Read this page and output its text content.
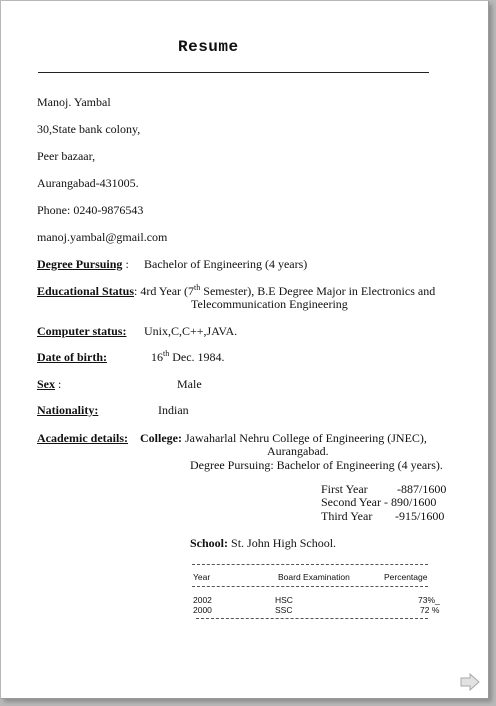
Resume
Manoj. Yambal
30,State bank colony,
Peer bazaar,
Aurangabad-431005.
Phone: 0240-9876543
manoj.yambal@gmail.com
Degree Pursuing : Bachelor of Engineering (4 years)
Educational Status: 4rd Year (7th Semester), B.E Degree Major in Electronics and
Telecommunication Engineering
Computer status: Unix,C,C++,JAVA.
Date of birth:	16th Dec. 1984.
Sex :	Male
Nationality:	Indian
Academic details: College: Jawaharlal Nehru College of Engineering (JNEC),
Aurangabad.
Degree Pursuing: Bachelor of Engineering (4 years).
First Year -887/1600
Second Year - 890/1600
Third Year -915/1600
School: St. John High School.
Year	Board Examination	Percentage
2002	HSC	73%_
2000	SSC	72 %
